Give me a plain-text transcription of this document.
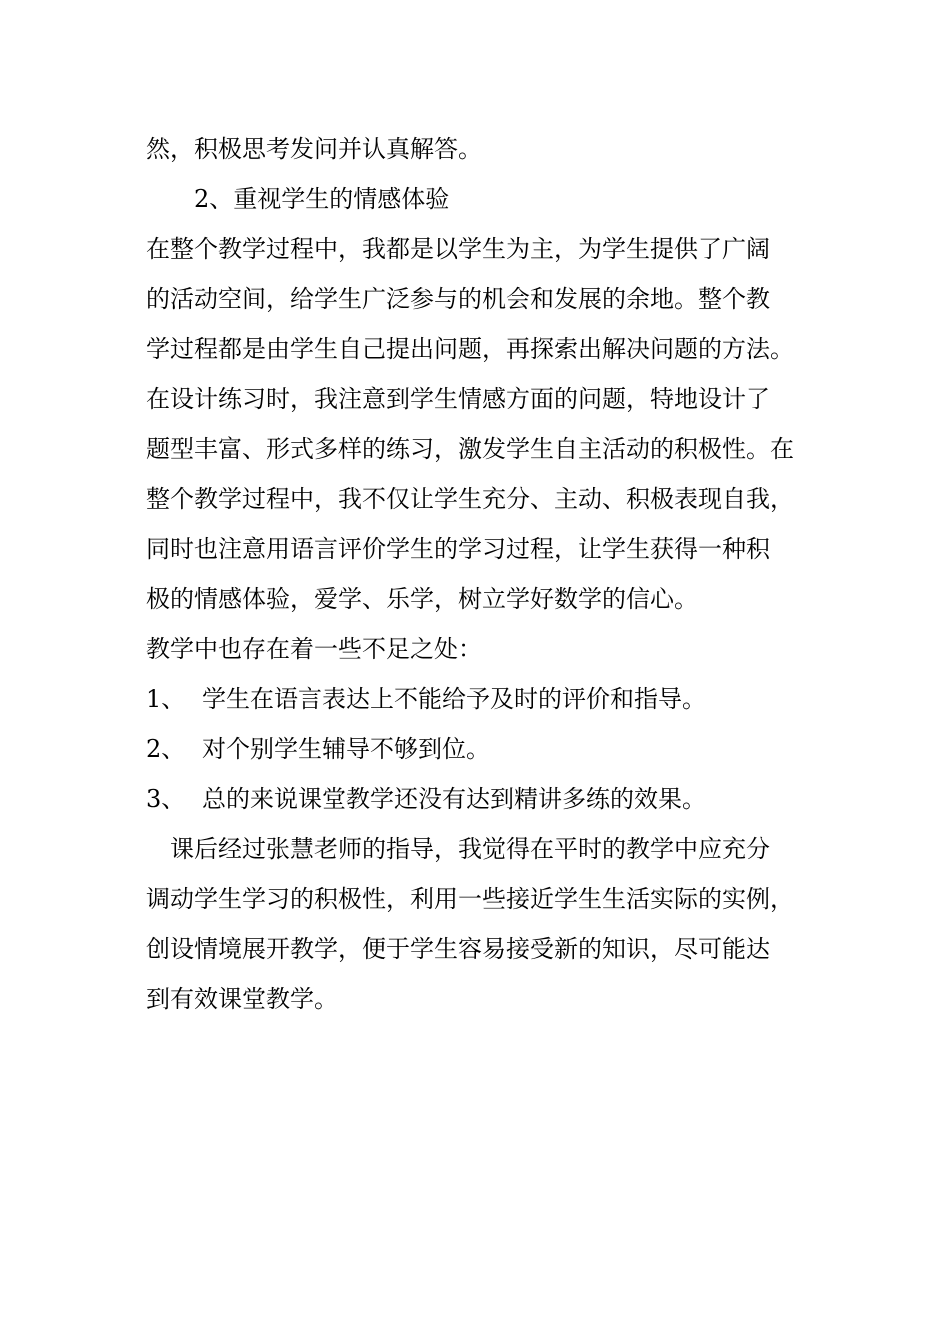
然，积极思考发问并认真解答。
2、重视学生的情感体验
在整个教学过程中，我都是以学生为主，为学生提供了广阔
的活动空间，给学生广泛参与的机会和发展的余地。整个教
学过程都是由学生自己提出问题，再探索出解决问题的方法。
在设计练习时，我注意到学生情感方面的问题，特地设计了
题型丰富、形式多样的练习，激发学生自主活动的积极性。在
整个教学过程中，我不仅让学生充分、主动、积极表现自我，
同时也注意用语言评价学生的学习过程，让学生获得一种积
极的情感体验，爱学、乐学，树立学好数学的信心。
教学中也存在着一些不足之处：
1、 学生在语言表达上不能给予及时的评价和指导。
2、 对个别学生辅导不够到位。
3、 总的来说课堂教学还没有达到精讲多练的效果。
课后经过张慧老师的指导，我觉得在平时的教学中应充分
调动学生学习的积极性，利用一些接近学生生活实际的实例，
创设情境展开教学，便于学生容易接受新的知识，尽可能达
到有效课堂教学。
